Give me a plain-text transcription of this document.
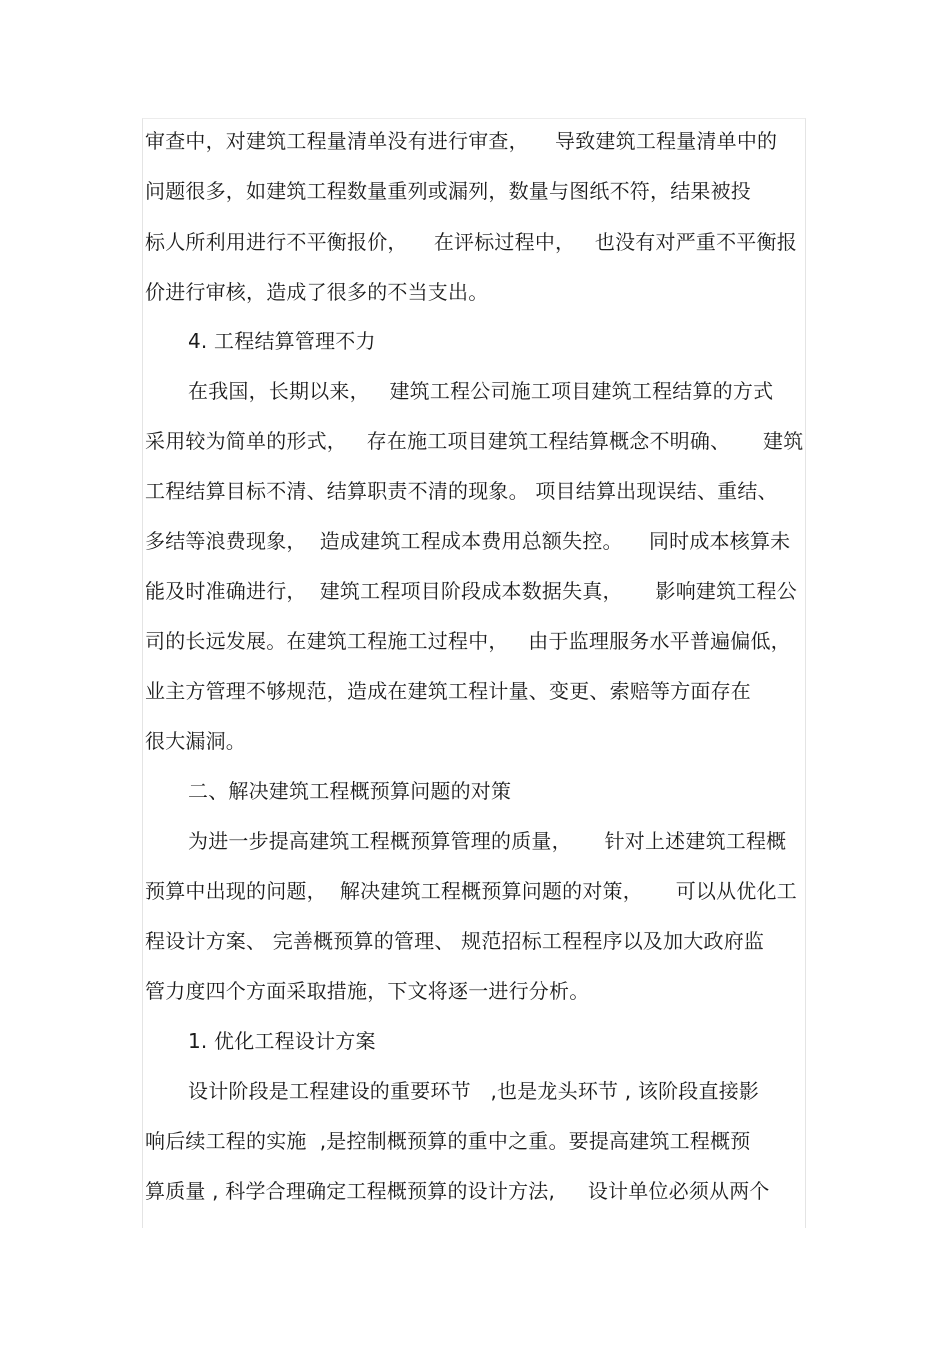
审查中，对建筑工程量清单没有进行审查，    导致建筑工程量清单中的
问题很多，如建筑工程数量重列或漏列，数量与图纸不符，结果被投
标人所利用进行不平衡报价，    在评标过程中，   也没有对严重不平衡报
价进行审核，造成了很多的不当支出。
4. 工程结算管理不力
在我国，长期以来，   建筑工程公司施工项目建筑工程结算的方式
采用较为简单的形式，   存在施工项目建筑工程结算概念不明确、     建筑
工程结算目标不清、结算职责不清的现象。 项目结算出现误结、重结、
多结等浪费现象，  造成建筑工程成本费用总额失控。    同时成本核算未
能及时准确进行，  建筑工程项目阶段成本数据失真，     影响建筑工程公
司的长远发展。在建筑工程施工过程中，   由于监理服务水平普遍偏低，
业主方管理不够规范，造成在建筑工程计量、变更、索赔等方面存在
很大漏洞。
二、解决建筑工程概预算问题的对策
为进一步提高建筑工程概预算管理的质量，     针对上述建筑工程概
预算中出现的问题，  解决建筑工程概预算问题的对策，     可以从优化工
程设计方案、 完善概预算的管理、 规范招标工程程序以及加大政府监
管力度四个方面采取措施，下文将逐一进行分析。
1. 优化工程设计方案
设计阶段是工程建设的重要环节   ,也是龙头环节 , 该阶段直接影
响后续工程的实施  ,是控制概预算的重中之重。要提高建筑工程概预
算质量 , 科学合理确定工程概预算的设计方法,     设计单位必须从两个
